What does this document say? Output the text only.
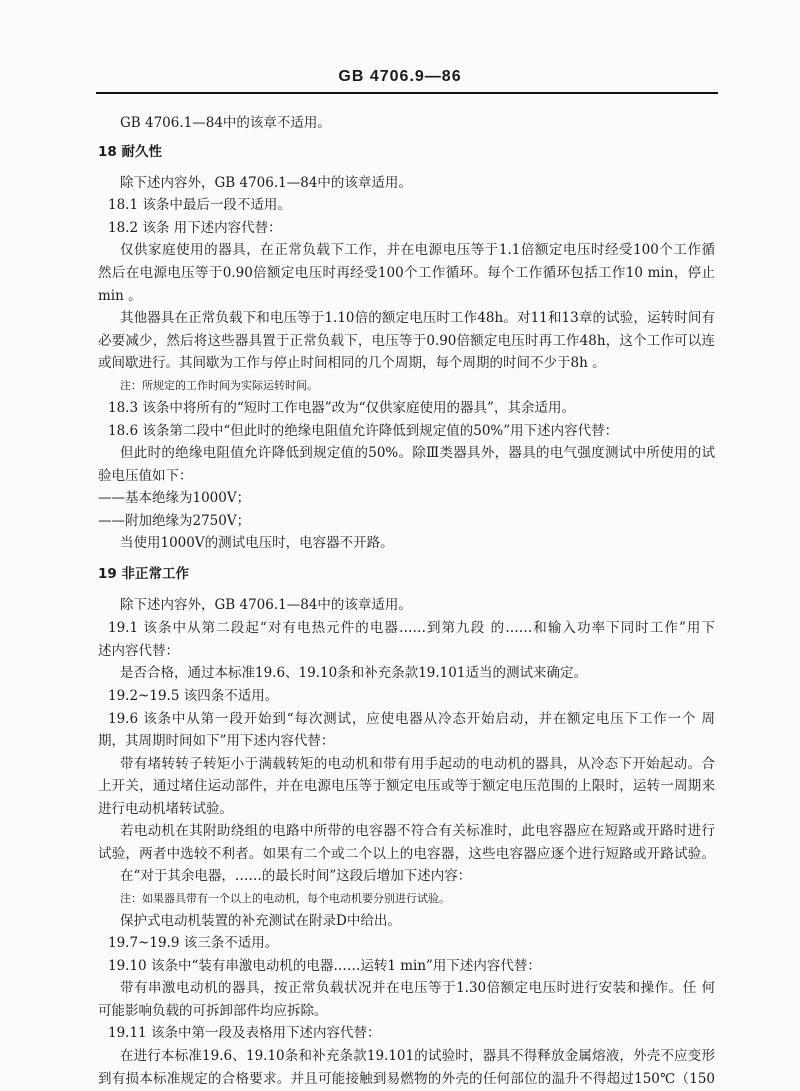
GB 4706.9—86
GB 4706.1—84中的该章不适用。
18 耐久性
除下述内容外，GB 4706.1—84中的该章适用。
18.1 该条中最后一段不适用。
18.2 该条 用下述内容代替：
仅供家庭使用的器具，在正常负载下工作，并在电源电压等于1.1倍额定电压时经受100个工作循
然后在电源电压等于0.90倍额定电压时再经受100个工作循环。每个工作循环包括工作10 min，停止
min 。
其他器具在正常负载下和电压等于1.10倍的额定电压时工作48h。对11和13章的试验，运转时间有
必要减少，然后将这些器具置于正常负载下，电压等于0.90倍额定电压时再工作48h，这个工作可以连
或间歇进行。其间歇为工作与停止时间相同的几个周期，每个周期的时间不少于8h 。
注：所规定的工作时间为实际运转时间。
18.3 该条中将所有的“短时工作电器”改为“仅供家庭使用的器具”，其余适用。
18.6 该条第二段中“但此时的绝缘电阻值允许降低到规定值的50%”用下述内容代替：
但此时的绝缘电阻值允许降低到规定值的50%。除Ⅲ类器具外，器具的电气强度测试中所使用的试
验电压值如下：
——基本绝缘为1000V；
——附加绝缘为2750V；
当使用1000V的测试电压时，电容器不开路。
19 非正常工作
除下述内容外，GB 4706.1—84中的该章适用。
19.1 该条中从第二段起“对有电热元件的电器……到第九段 的……和输入功率下同时工作”用下
述内容代替：
是否合格，通过本标准19.6、19.10条和补充条款19.101适当的测试来确定。
19.2~19.5 该四条不适用。
19.6 该条中从第一段开始到“每次测试，应使电器从冷态开始启动，并在额定电压下工作一个 周
期，其周期时间如下”用下述内容代替：
带有堵转转子转矩小于满载转矩的电动机和带有用手起动的电动机的器具，从冷态下开始起动。合
上开关，通过堵住运动部件，并在电源电压等于额定电压或等于额定电压范围的上限时，运转一周期来
进行电动机堵转试验。
若电动机在其附助绕组的电路中所带的电容器不符合有关标准时，此电容器应在短路或开路时进行
试验，两者中选较不利者。如果有二个或二个以上的电容器，这些电容器应逐个进行短路或开路试验。
在“对于其余电器，……的最长时间”这段后增加下述内容：
注：如果器具带有一个以上的电动机，每个电动机要分别进行试验。
保护式电动机装置的补充测试在附录D中给出。
19.7~19.9 该三条不适用。
19.10 该条中“装有串激电动机的电器……运转1 min”用下述内容代替：
带有串激电动机的器具，按正常负载状况并在电压等于1.30倍额定电压时进行安装和操作。任 何
可能影响负载的可拆卸部件均应拆除。
19.11 该条中第一段及表格用下述内容代替：
在进行本标准19.6、19.10条和补充条款19.101的试验时，器具不得释放金属熔液，外壳不应变形
到有损本标准规定的合格要求。并且可能接触到易燃物的外壳的任何部位的温升不得超过150℃（150
